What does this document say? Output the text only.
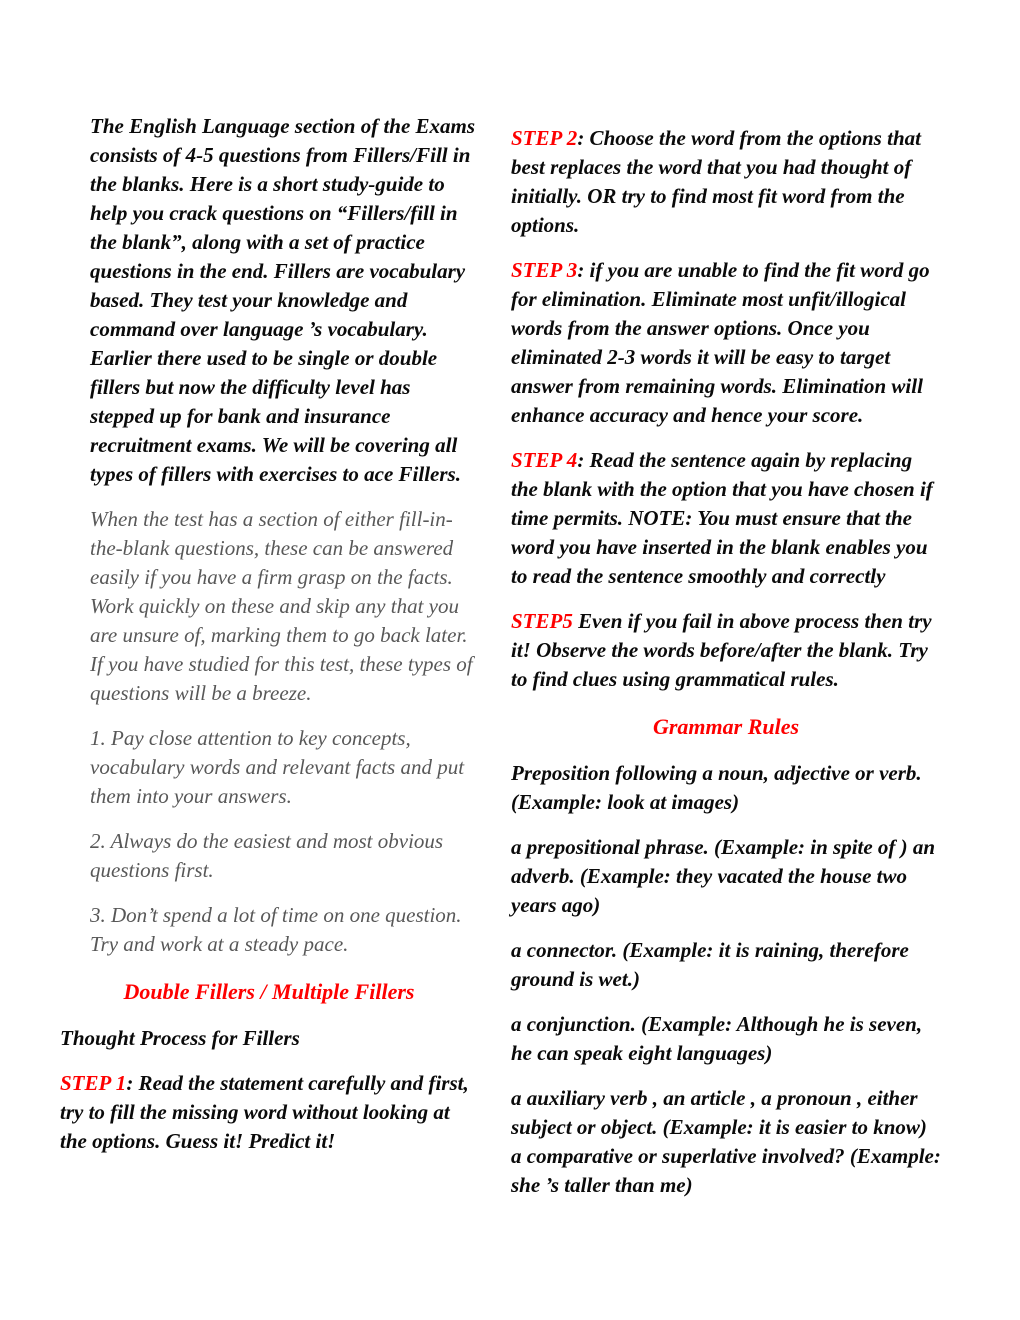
The English Language section of the Exams consists of 4-5 questions from Fillers/Fill in the blanks. Here is a short study-guide to help you crack questions on “Fillers/fill in the blank”, along with a set of practice questions in the end. Fillers are vocabulary based. They test your knowledge and command over language ’s vocabulary. Earlier there used to be single or double fillers but now the difficulty level has stepped up for bank and insurance recruitment exams. We will be covering all types of fillers with exercises to ace Fillers.

When the test has a section of either fill-in-the-blank questions, these can be answered easily if you have a firm grasp on the facts. Work quickly on these and skip any that you are unsure of, marking them to go back later. If you have studied for this test, these types of questions will be a breeze.

1. Pay close attention to key concepts, vocabulary words and relevant facts and put them into your answers.

2. Always do the easiest and most obvious questions first.

3. Don’t spend a lot of time on one question. Try and work at a steady pace.

Double Fillers / Multiple Fillers

Thought Process for Fillers

STEP 1: Read the statement carefully and first, try to fill the missing word without looking at the options. Guess it! Predict it!

STEP 2: Choose the word from the options that best replaces the word that you had thought of initially. OR try to find most fit word from the options.

STEP 3: if you are unable to find the fit word go for elimination. Eliminate most unfit/illogical words from the answer options. Once you eliminated 2-3 words it will be easy to target answer from remaining words. Elimination will enhance accuracy and hence your score.

STEP 4: Read the sentence again by replacing the blank with the option that you have chosen if time permits. NOTE: You must ensure that the word you have inserted in the blank enables you to read the sentence smoothly and correctly

STEP5 Even if you fail in above process then try it! Observe the words before/after the blank. Try to find clues using grammatical rules.

Grammar Rules

Preposition following a noun, adjective or verb. (Example: look at images)

a prepositional phrase. (Example: in spite of ) an adverb. (Example: they vacated the house two years ago)

a connector. (Example: it is raining, therefore ground is wet.)

a conjunction. (Example: Although he is seven, he can speak eight languages)

a auxiliary verb , an article , a pronoun , either subject or object. (Example: it is easier to know) a comparative or superlative involved? (Example: she ’s taller than me)
